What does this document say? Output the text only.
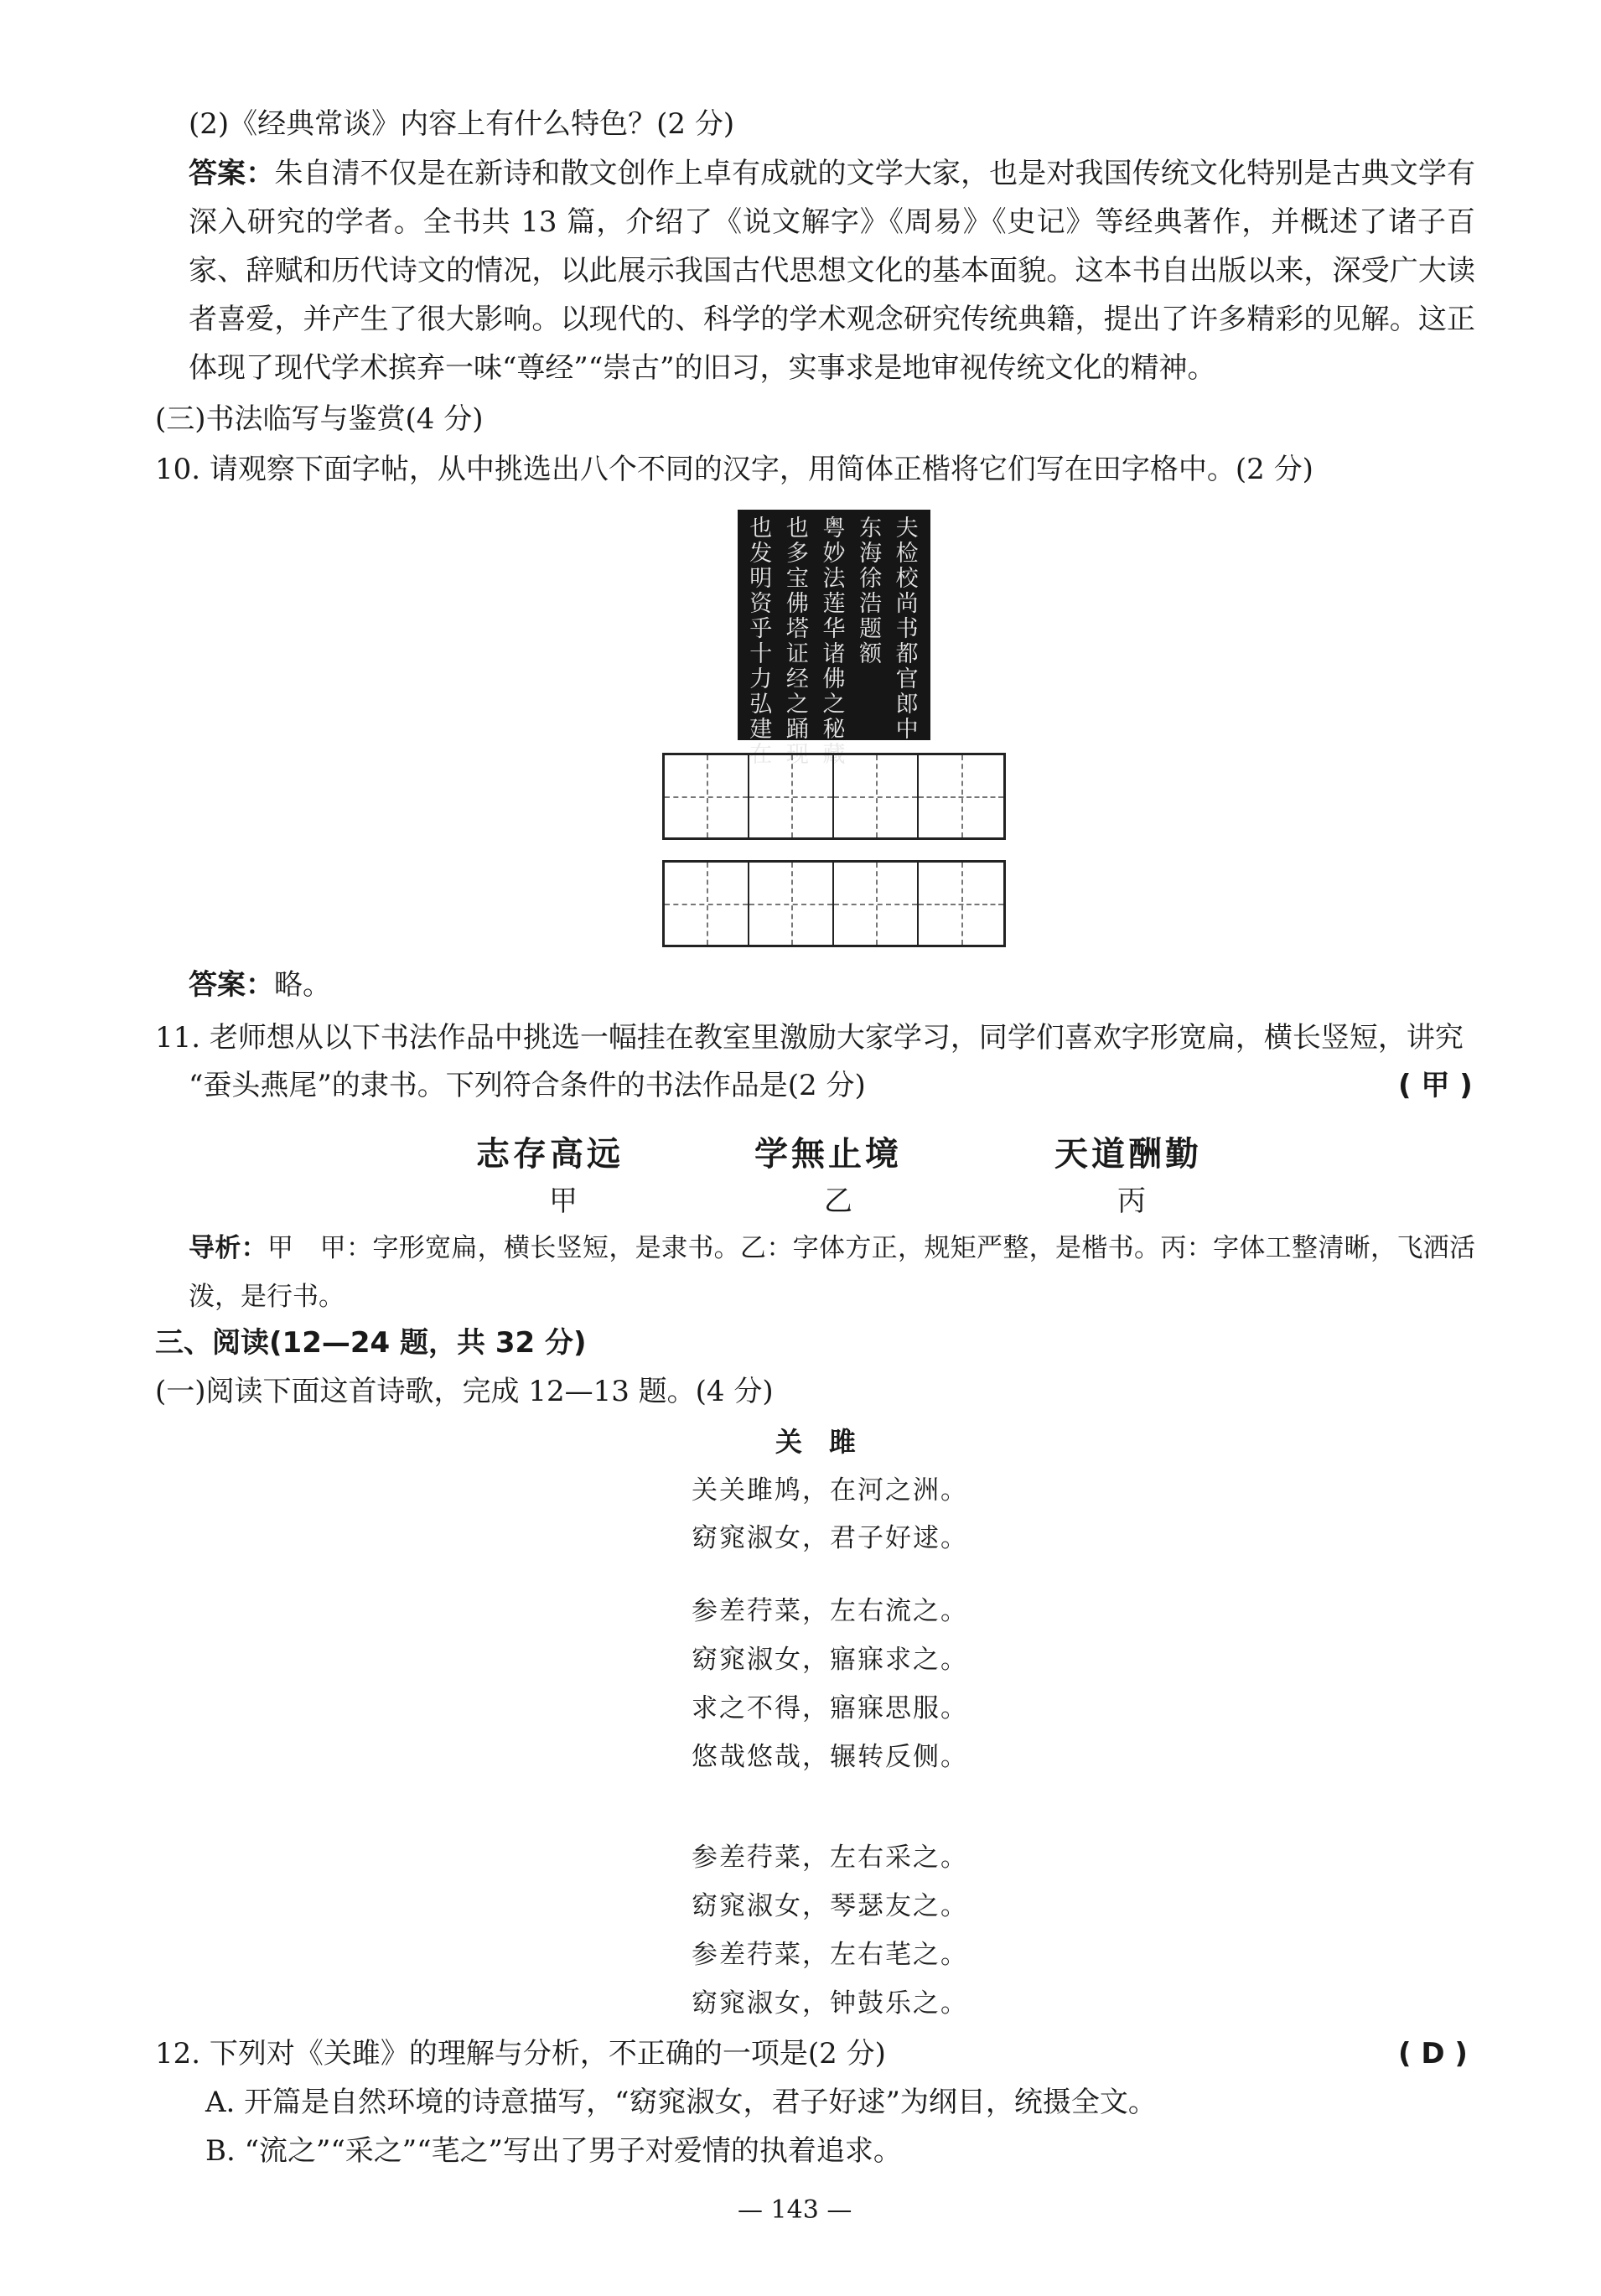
(2)《经典常谈》内容上有什么特色？(2 分)
答案：朱自清不仅是在新诗和散文创作上卓有成就的文学大家，也是对我国传统文化特别是古典文学有深入研究的学者。全书共 13 篇，介绍了《说文解字》《周易》《史记》等经典著作，并概述了诸子百家、辞赋和历代诗文的情况，以此展示我国古代思想文化的基本面貌。这本书自出版以来，深受广大读者喜爱，并产生了很大影响。以现代的、科学的学术观念研究传统典籍，提出了许多精彩的见解。这正体现了现代学术摈弃一味“尊经”“崇古”的旧习，实事求是地审视传统文化的精神。
(三)书法临写与鉴赏(4 分)
10. 请观察下面字帖，从中挑选出八个不同的汉字，用简体正楷将它们写在田字格中。(2 分)
夫检校尚书都官郎中
东海徐浩题额
粤妙法莲华诸佛之秘藏
也多宝佛塔证经之踊现
也发明资乎十力弘建在
答案：略。
11. 老师想从以下书法作品中挑选一幅挂在教室里激励大家学习，同学们喜欢字形宽扁，横长竖短，讲究
“蚕头燕尾”的隶书。下列符合条件的书法作品是(2 分)	( 甲 )
志存高远	学無止境	天道酬勤
甲	乙	丙
导析：甲　甲：字形宽扁，横长竖短，是隶书。乙：字体方正，规矩严整，是楷书。丙：字体工整清晰，飞洒活泼，是行书。
三、阅读(12—24 题，共 32 分)
(一)阅读下面这首诗歌，完成 12—13 题。(4 分)
关　雎
关关雎鸠，在河之洲。
窈窕淑女，君子好逑。
参差荇菜，左右流之。
窈窕淑女，寤寐求之。
求之不得，寤寐思服。
悠哉悠哉，辗转反侧。
参差荇菜，左右采之。
窈窕淑女，琴瑟友之。
参差荇菜，左右芼之。
窈窕淑女，钟鼓乐之。
12. 下列对《关雎》的理解与分析，不正确的一项是(2 分)	( D )
A. 开篇是自然环境的诗意描写，“窈窕淑女，君子好逑”为纲目，统摄全文。
B. “流之”“采之”“芼之”写出了男子对爱情的执着追求。
— 143 —
